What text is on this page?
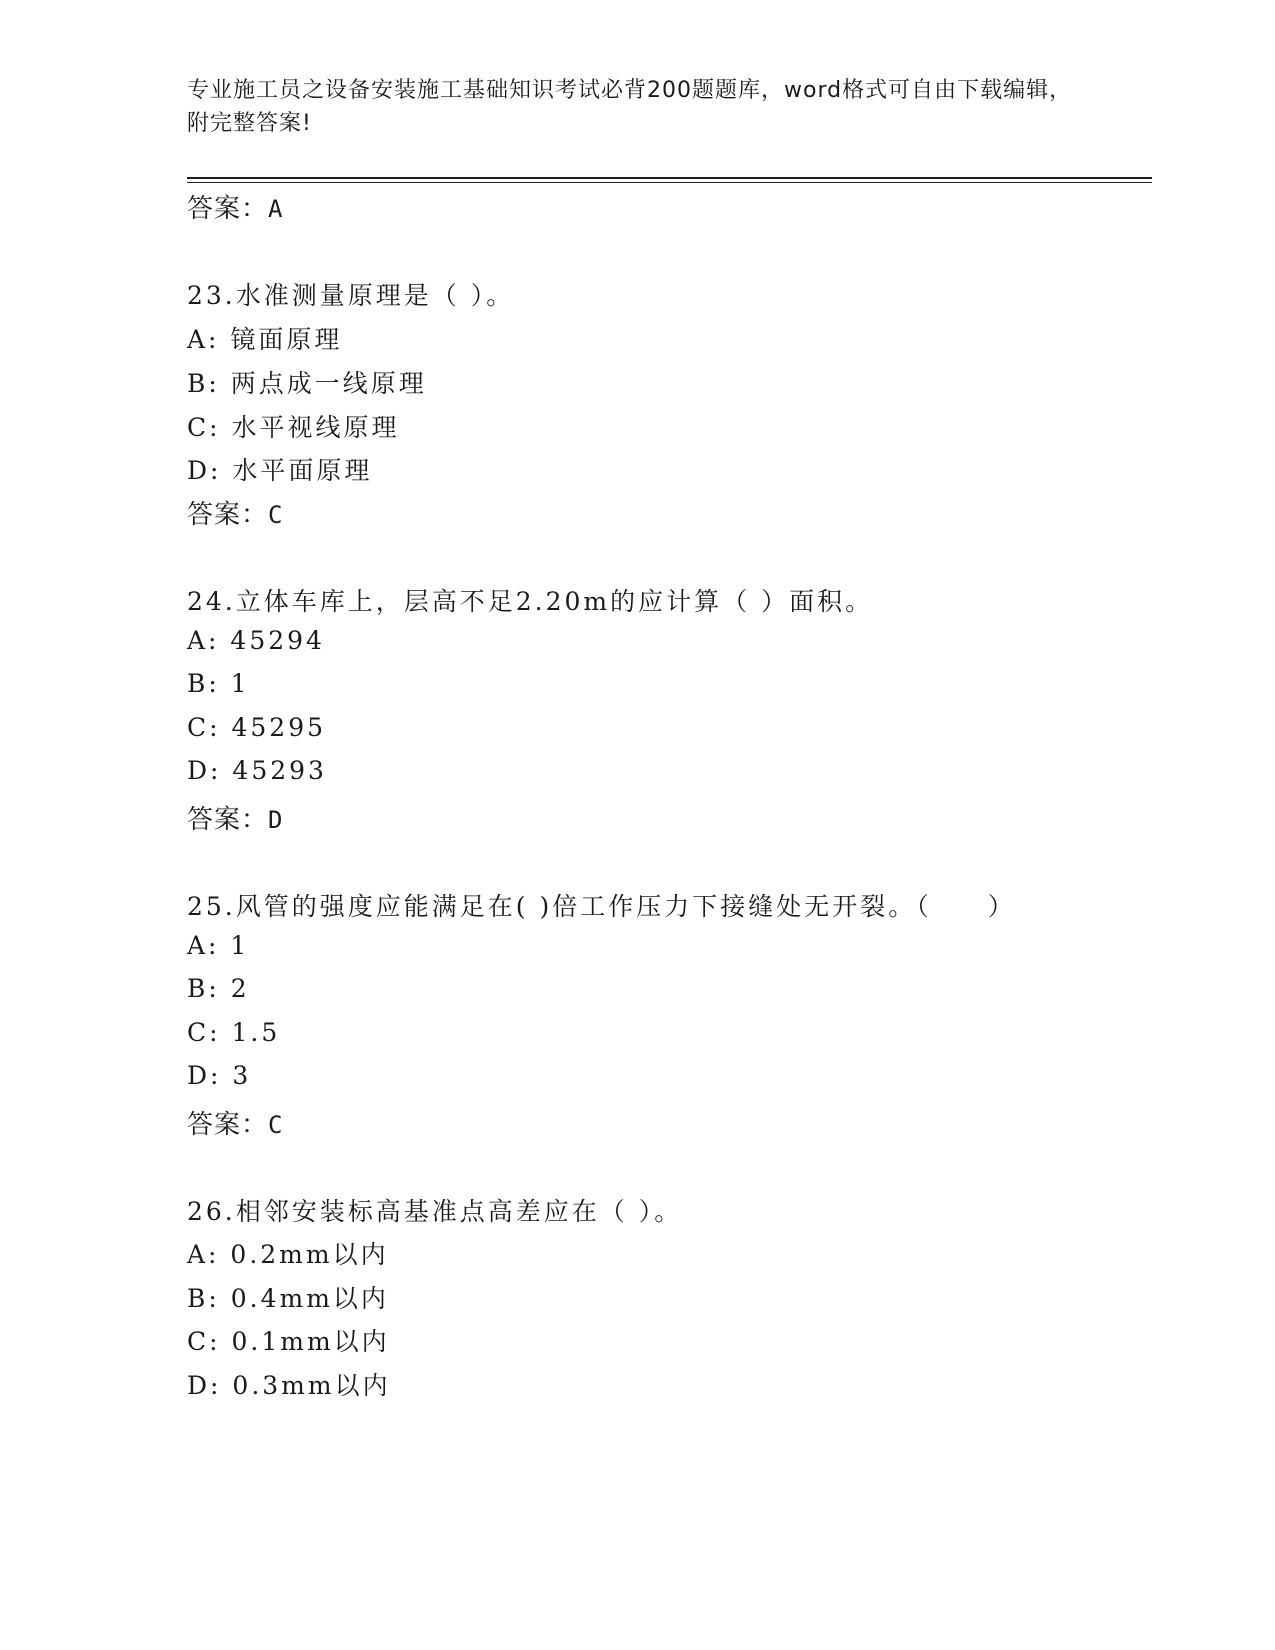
专业施工员之设备安装施工基础知识考试必背200题题库，word格式可自由下载编辑，附完整答案!
答案：A
23.水准测量原理是（ ）。
A: 镜面原理
B: 两点成一线原理
C: 水平视线原理
D: 水平面原理
答案：C
24.立体车库上，层高不足2.20m的应计算（ ）面积。
A: 45294
B: 1
C: 45295
D: 45293
答案：D
25.风管的强度应能满足在( )倍工作压力下接缝处无开裂。（　　）
A: 1
B: 2
C: 1.5
D: 3
答案：C
26.相邻安装标高基准点高差应在（ ）。
A: 0.2mm以内
B: 0.4mm以内
C: 0.1mm以内
D: 0.3mm以内
